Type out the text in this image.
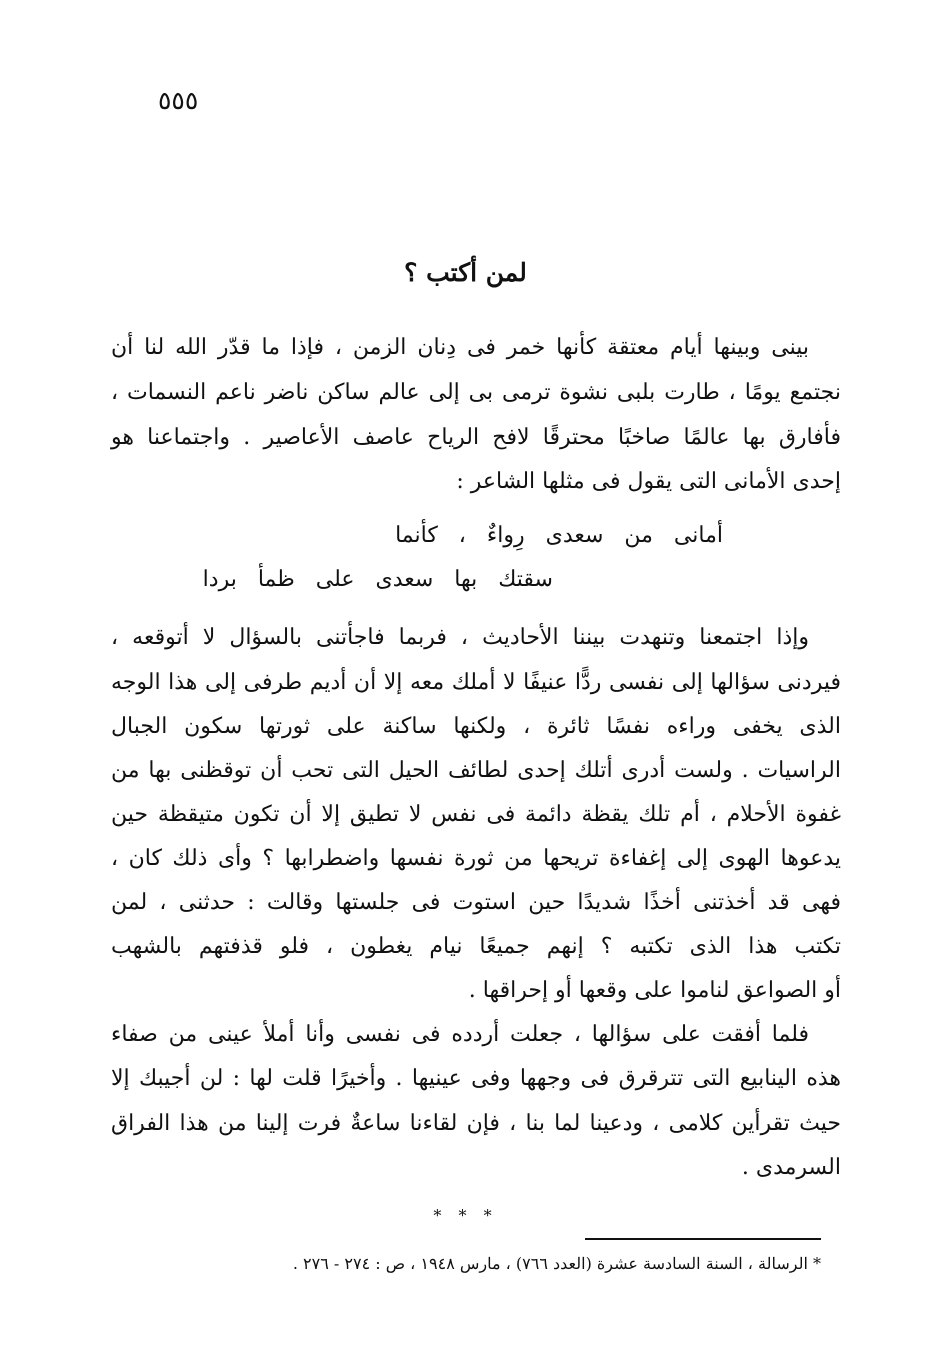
٥٥٥
لمن أكتب ؟
بينى وبينها أيام معتقة كأنها خمر فى دِنان الزمن ، فإذا ما قدّر الله لنا أن
نجتمع يومًا ، طارت بلبى نشوة ترمى بى إلى عالم ساكن ناضر ناعم النسمات ،
فأفارق بها عالمًا صاخبًا محترقًا لافح الرياح عاصف الأعاصير . واجتماعنا هو
إحدى الأمانى التى يقول فى مثلها الشاعر :
أمانى من سعدى رِواءٌ ، كأنما
سقتك بها سعدى على ظمأ بردا
وإذا اجتمعنا وتنهدت بيننا الأحاديث ، فربما فاجأتنى بالسؤال لا أتوقعه ،
فيردنى سؤالها إلى نفسى ردًّا عنيفًا لا أملك معه إلا أن أديم طرفى إلى هذا الوجه
الذى يخفى وراءه نفسًا ثائرة ، ولكنها ساكنة على ثورتها سكون الجبال
الراسيات . ولست أدرى أتلك إحدى لطائف الحيل التى تحب أن توقظنى بها من
غفوة الأحلام ، أم تلك يقظة دائمة فى نفس لا تطيق إلا أن تكون متيقظة حين
يدعوها الهوى إلى إغفاءة تريحها من ثورة نفسها واضطرابها ؟ وأى ذلك كان ،
فهى قد أخذتنى أخذًا شديدًا حين استوت فى جلستها وقالت : حدثنى ، لمن
تكتب هذا الذى تكتبه ؟ إنهم جميعًا نيام يغطون ، فلو قذفتهم بالشهب
أو الصواعق لناموا على وقعها أو إحراقها .
فلما أفقت على سؤالها ، جعلت أردده فى نفسى وأنا أملأ عينى من صفاء
هذه الينابيع التى تترقرق فى وجهها وفى عينيها . وأخيرًا قلت لها : لن أجيبك إلا
حيث تقرأين كلامى ، ودعينا لما بنا ، فإن لقاءنا ساعةٌ فرت إلينا من هذا الفراق
السرمدى .
* * *
* الرسالة ، السنة السادسة عشرة (العدد ٧٦٦) ، مارس ١٩٤٨ ، ص : ٢٧٤ - ٢٧٦ .
